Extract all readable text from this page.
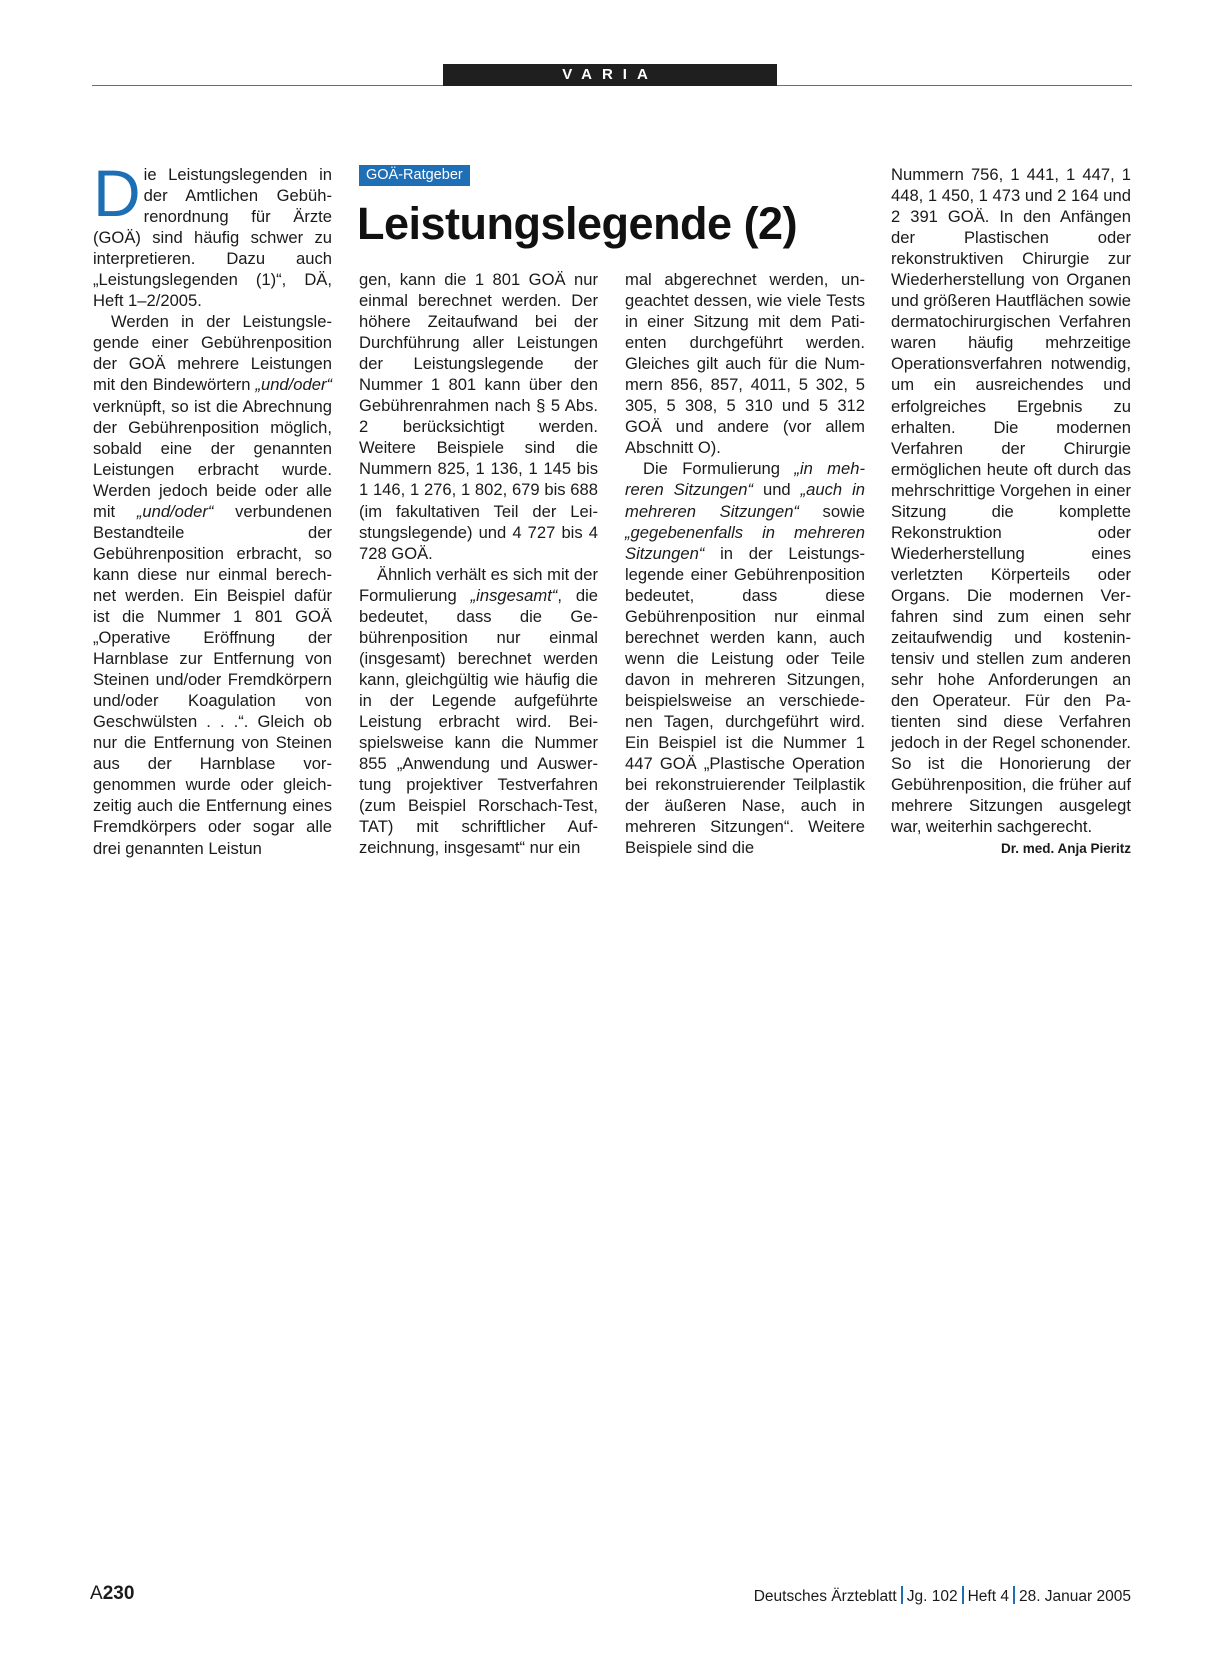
VARIA

Die Leistungslegenden in der Amtlichen Gebührenordnung für Ärzte (GOÄ) sind häufig schwer zu interpretieren. Dazu auch „Leistungslegenden (1)“, DÄ, Heft 1–2/2005.

Werden in der Leistungslegende einer Gebührenposition der GOÄ mehrere Leistungen mit den Bindewörtern „und/oder“ verknüpft, so ist die Abrechnung der Gebührenposition möglich, sobald eine der genannten Leistungen erbracht wurde. Werden jedoch beide oder alle mit „und/oder“ verbundenen Bestandteile der Gebührenposition erbracht, so kann diese nur einmal berechnet werden. Ein Beispiel dafür ist die Nummer 1 801 GOÄ „Operative Eröffnung der Harnblase zur Entfernung von Steinen und/oder Fremdkörpern und/oder Koagulation von Geschwülsten . . .“. Gleich ob nur die Entfernung von Steinen aus der Harnblase vorgenommen wurde oder gleichzeitig auch die Entfernung eines Fremdkörpers oder sogar alle drei genannten Leistun

GOÄ-Ratgeber
Leistungslegende (2)

gen, kann die 1 801 GOÄ nur einmal berechnet werden. Der höhere Zeitaufwand bei der Durchführung aller Leistungen der Leistungslegende der Nummer 1 801 kann über den Gebührenrahmen nach § 5 Abs. 2 berücksichtigt werden. Weitere Beispiele sind die Nummern 825, 1 136, 1 145 bis 1 146, 1 276, 1 802, 679 bis 688 (im fakultativen Teil der Leistungslegende) und 4 727 bis 4 728 GOÄ.

Ähnlich verhält es sich mit der Formulierung „insgesamt“, die bedeutet, dass die Gebührenposition nur einmal (insgesamt) berechnet werden kann, gleichgültig wie häufig die in der Legende aufgeführte Leistung erbracht wird. Beispielsweise kann die Nummer 855 „Anwendung und Auswertung projektiver Testverfahren (zum Beispiel Rorschach-Test, TAT) mit schriftlicher Aufzeichnung, insgesamt“ nur ein

mal abgerechnet werden, ungeachtet dessen, wie viele Tests in einer Sitzung mit dem Patienten durchgeführt werden. Gleiches gilt auch für die Nummern 856, 857, 4011, 5 302, 5 305, 5 308, 5 310 und 5 312 GOÄ und andere (vor allem Abschnitt O).

Die Formulierung „in mehreren Sitzungen“ und „auch in mehreren Sitzungen“ sowie „gegebenenfalls in mehreren Sitzungen“ in der Leistungslegende einer Gebührenposition bedeutet, dass diese Gebührenposition nur einmal berechnet werden kann, auch wenn die Leistung oder Teile davon in mehreren Sitzungen, beispielsweise an verschiedenen Tagen, durchgeführt wird. Ein Beispiel ist die Nummer 1 447 GOÄ „Plastische Operation bei rekonstruierender Teilplastik der äußeren Nase, auch in mehreren Sitzungen“. Weitere Beispiele sind die

Nummern 756, 1 441, 1 447, 1 448, 1 450, 1 473 und 2 164 und 2 391 GOÄ. In den Anfängen der Plastischen oder rekonstruktiven Chirurgie zur Wiederherstellung von Organen und größeren Hautflächen sowie dermatochirurgischen Verfahren waren häufig mehrzeitige Operationsverfahren notwendig, um ein ausreichendes und erfolgreiches Ergebnis zu erhalten. Die modernen Verfahren der Chirurgie ermöglichen heute oft durch das mehrschrittige Vorgehen in einer Sitzung die komplette Rekonstruktion oder Wiederherstellung eines verletzten Körperteils oder Organs. Die modernen Verfahren sind zum einen sehr zeitaufwendig und kostenintensiv und stellen zum anderen sehr hohe Anforderungen an den Operateur. Für den Patienten sind diese Verfahren jedoch in der Regel schonender. So ist die Honorierung der Gebührenposition, die früher auf mehrere Sitzungen ausgelegt war, weiterhin sachgerecht.
Dr. med. Anja Pieritz

A230	Deutsches Ärzteblatt Jg. 102 Heft 4 28. Januar 2005
